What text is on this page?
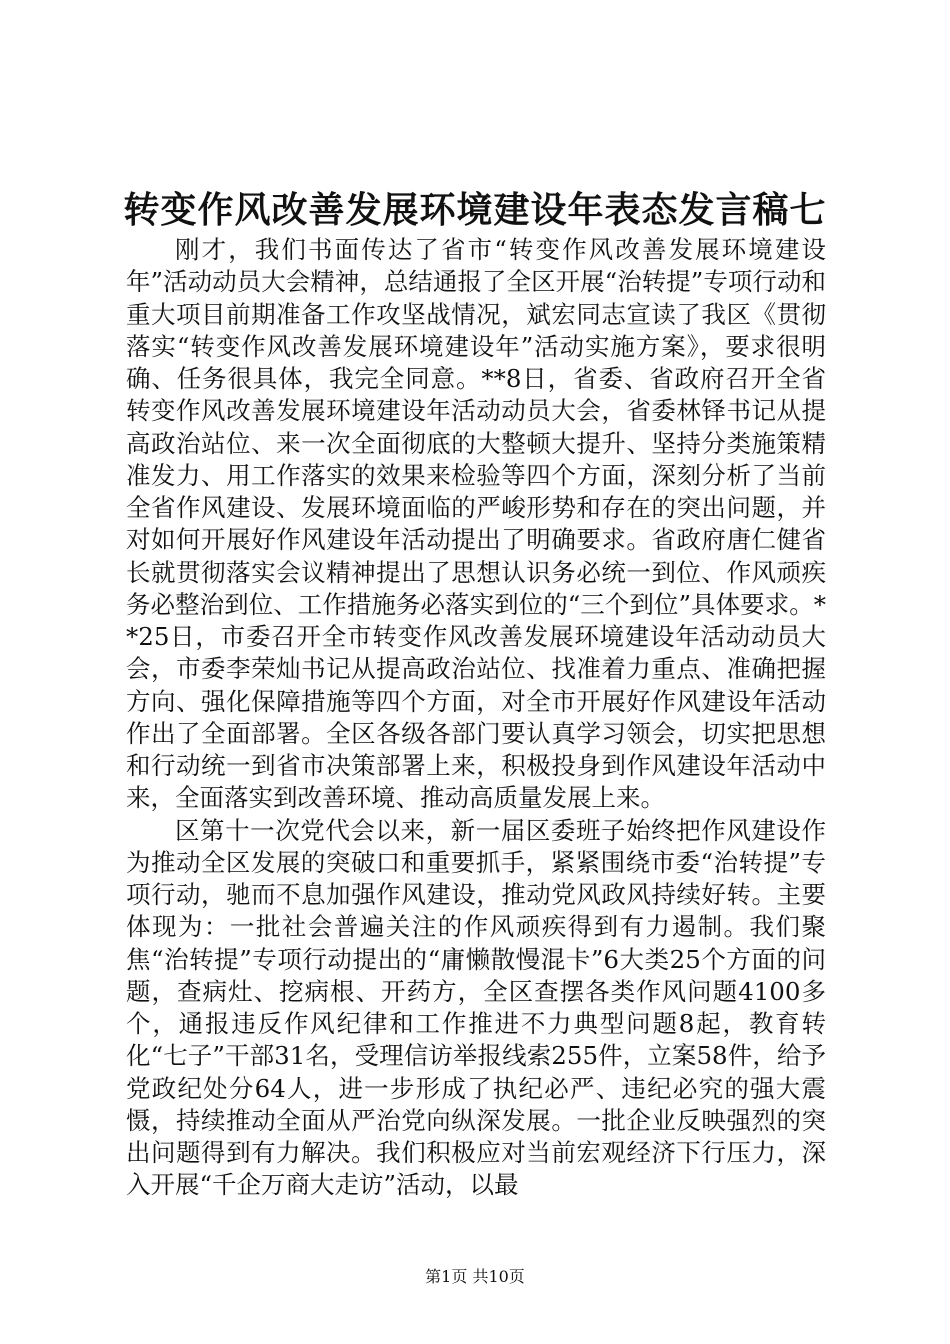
转变作风改善发展环境建设年表态发言稿七

刚才，我们书面传达了省市“转变作风改善发展环境建设年”活动动员大会精神，总结通报了全区开展“治转提”专项行动和重大项目前期准备工作攻坚战情况，斌宏同志宣读了我区《贯彻落实“转变作风改善发展环境建设年”活动实施方案》，要求很明确、任务很具体，我完全同意。**8日，省委、省政府召开全省转变作风改善发展环境建设年活动动员大会，省委林铎书记从提高政治站位、来一次全面彻底的大整顿大提升、坚持分类施策精准发力、用工作落实的效果来检验等四个方面，深刻分析了当前全省作风建设、发展环境面临的严峻形势和存在的突出问题，并对如何开展好作风建设年活动提出了明确要求。省政府唐仁健省长就贯彻落实会议精神提出了思想认识务必统一到位、作风顽疾务必整治到位、工作措施务必落实到位的“三个到位”具体要求。**25日，市委召开全市转变作风改善发展环境建设年活动动员大会，市委李荣灿书记从提高政治站位、找准着力重点、准确把握方向、强化保障措施等四个方面，对全市开展好作风建设年活动作出了全面部署。全区各级各部门要认真学习领会，切实把思想和行动统一到省市决策部署上来，积极投身到作风建设年活动中来，全面落实到改善环境、推动高质量发展上来。

区第十一次党代会以来，新一届区委班子始终把作风建设作为推动全区发展的突破口和重要抓手，紧紧围绕市委“治转提”专项行动，驰而不息加强作风建设，推动党风政风持续好转。主要体现为：一批社会普遍关注的作风顽疾得到有力遏制。我们聚焦“治转提”专项行动提出的“庸懒散慢混卡”6大类25个方面的问题，查病灶、挖病根、开药方，全区查摆各类作风问题4100多个，通报违反作风纪律和工作推进不力典型问题8起，教育转化“七子”干部31名，受理信访举报线索255件，立案58件，给予党政纪处分64人，进一步形成了执纪必严、违纪必究的强大震慑，持续推动全面从严治党向纵深发展。一批企业反映强烈的突出问题得到有力解决。我们积极应对当前宏观经济下行压力，深入开展“千企万商大走访”活动，以最

第1页 共10页
